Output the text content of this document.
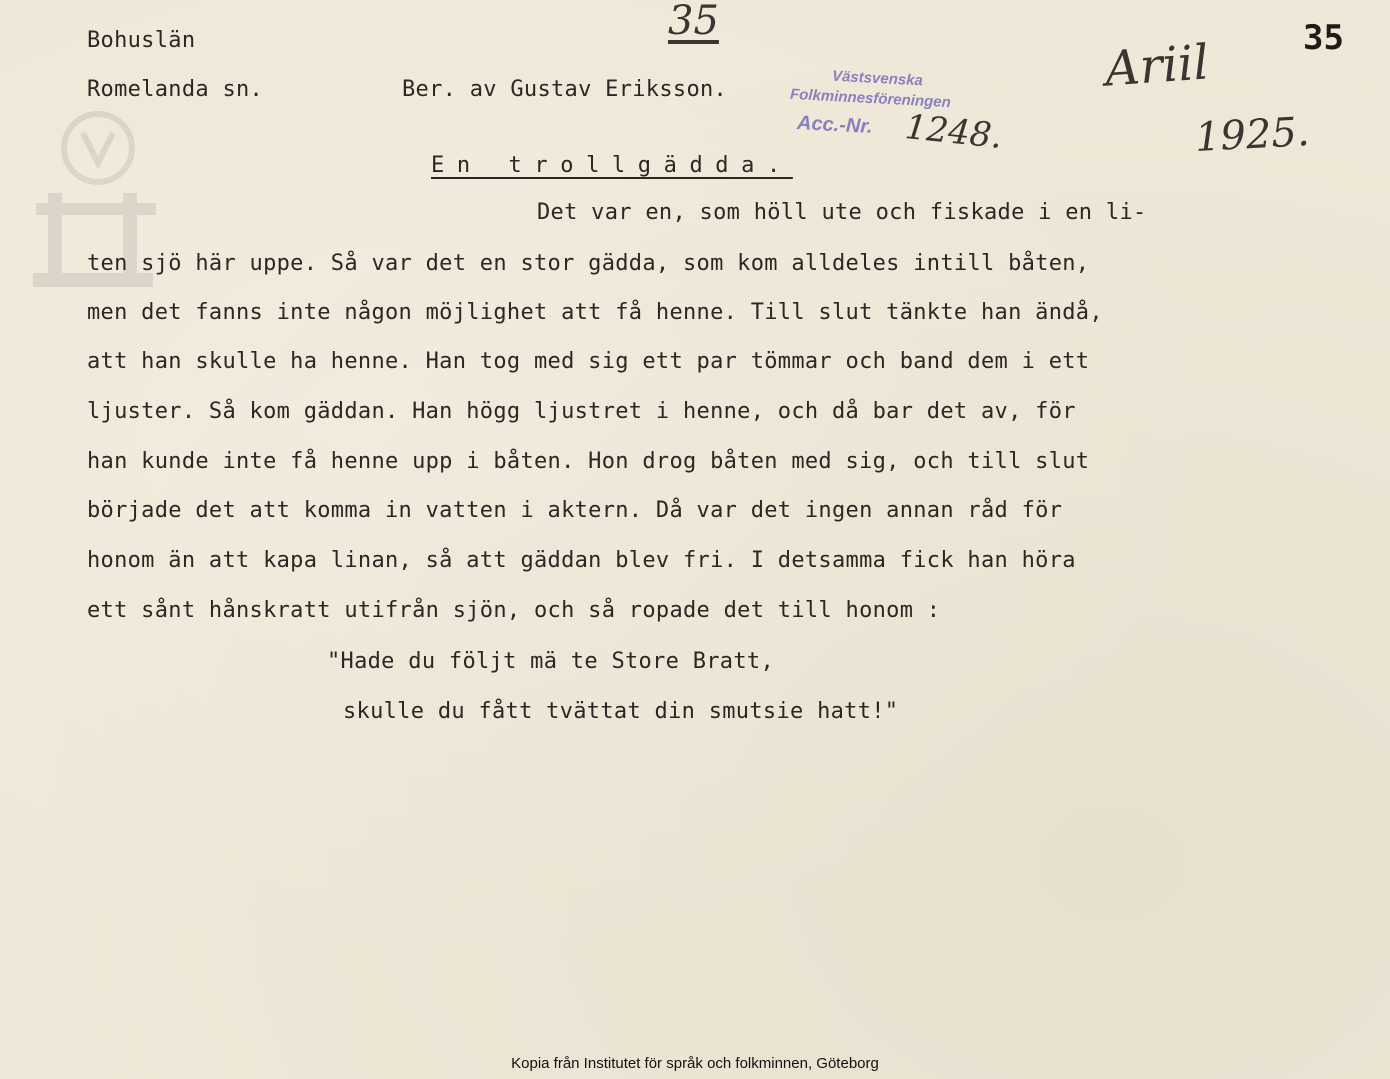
Bohuslän
Romelanda sn.	Ber. av Gustav Eriksson.
35	35
Ariil
1925.
Västsvenska
Folkminnesföreningen
Acc.-Nr. 1248.
En trollgädda.
Det var en, som höll ute och fiskade i en li-
ten sjö här uppe. Så var det en stor gädda, som kom alldeles intill båten,
men det fanns inte någon möjlighet att få henne. Till slut tänkte han ändå,
att han skulle ha henne. Han tog med sig ett par tömmar och band dem i ett
ljuster. Så kom gäddan. Han högg ljustret i henne, och då bar det av, för
han kunde inte få henne upp i båten. Hon drog båten med sig, och till slut
började det att komma in vatten i aktern. Då var det ingen annan råd för
honom än att kapa linan, så att gäddan blev fri. I detsamma fick han höra
ett sånt hånskratt utifrån sjön, och så ropade det till honom :
"Hade du följt mä te Store Bratt,
skulle du fått tvättat din smutsie hatt!"
Kopia från Institutet för språk och folkminnen, Göteborg
